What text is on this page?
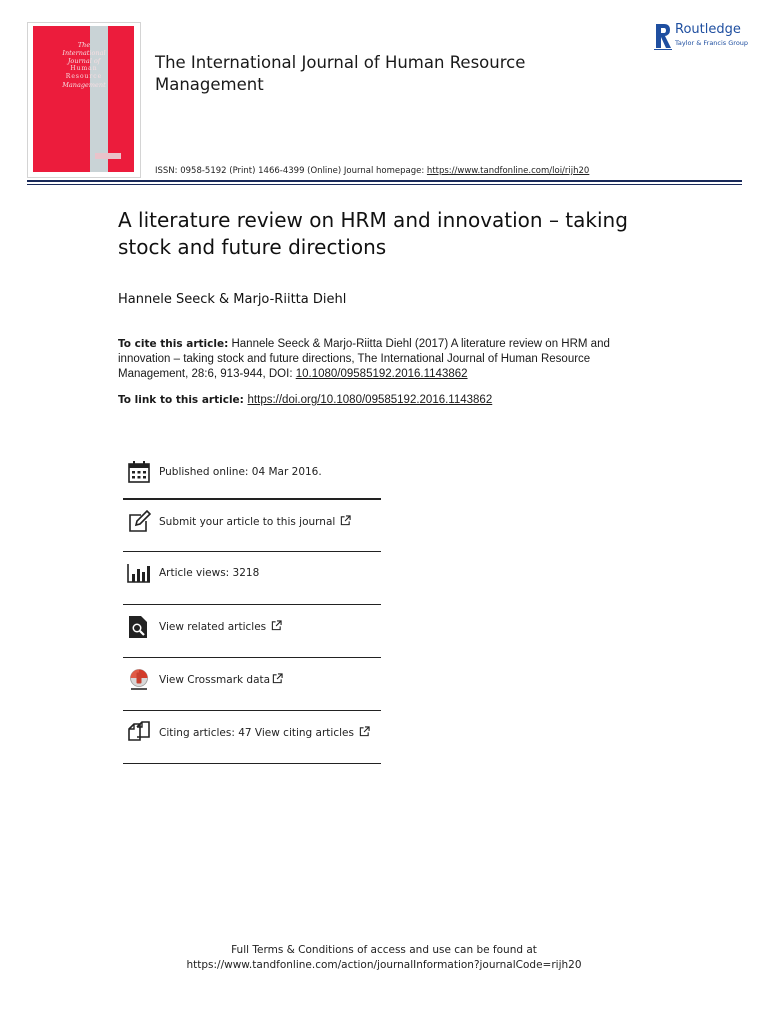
The
International
Journal of
Human
Resource
Management
The International Journal of Human Resource Management
ISSN: 0958-5192 (Print) 1466-4399 (Online) Journal homepage: https://www.tandfonline.com/loi/rijh20
Routledge
Taylor & Francis Group
A literature review on HRM and innovation – taking stock and future directions
Hannele Seeck & Marjo-Riitta Diehl
To cite this article: Hannele Seeck & Marjo-Riitta Diehl (2017) A literature review on HRM and innovation – taking stock and future directions, The International Journal of Human Resource Management, 28:6, 913-944, DOI: 10.1080/09585192.2016.1143862
To link to this article: https://doi.org/10.1080/09585192.2016.1143862
Published online: 04 Mar 2016.
Submit your article to this journal
Article views: 3218
View related articles
View Crossmark data
Citing articles: 47 View citing articles
Full Terms & Conditions of access and use can be found at
https://www.tandfonline.com/action/journalInformation?journalCode=rijh20
